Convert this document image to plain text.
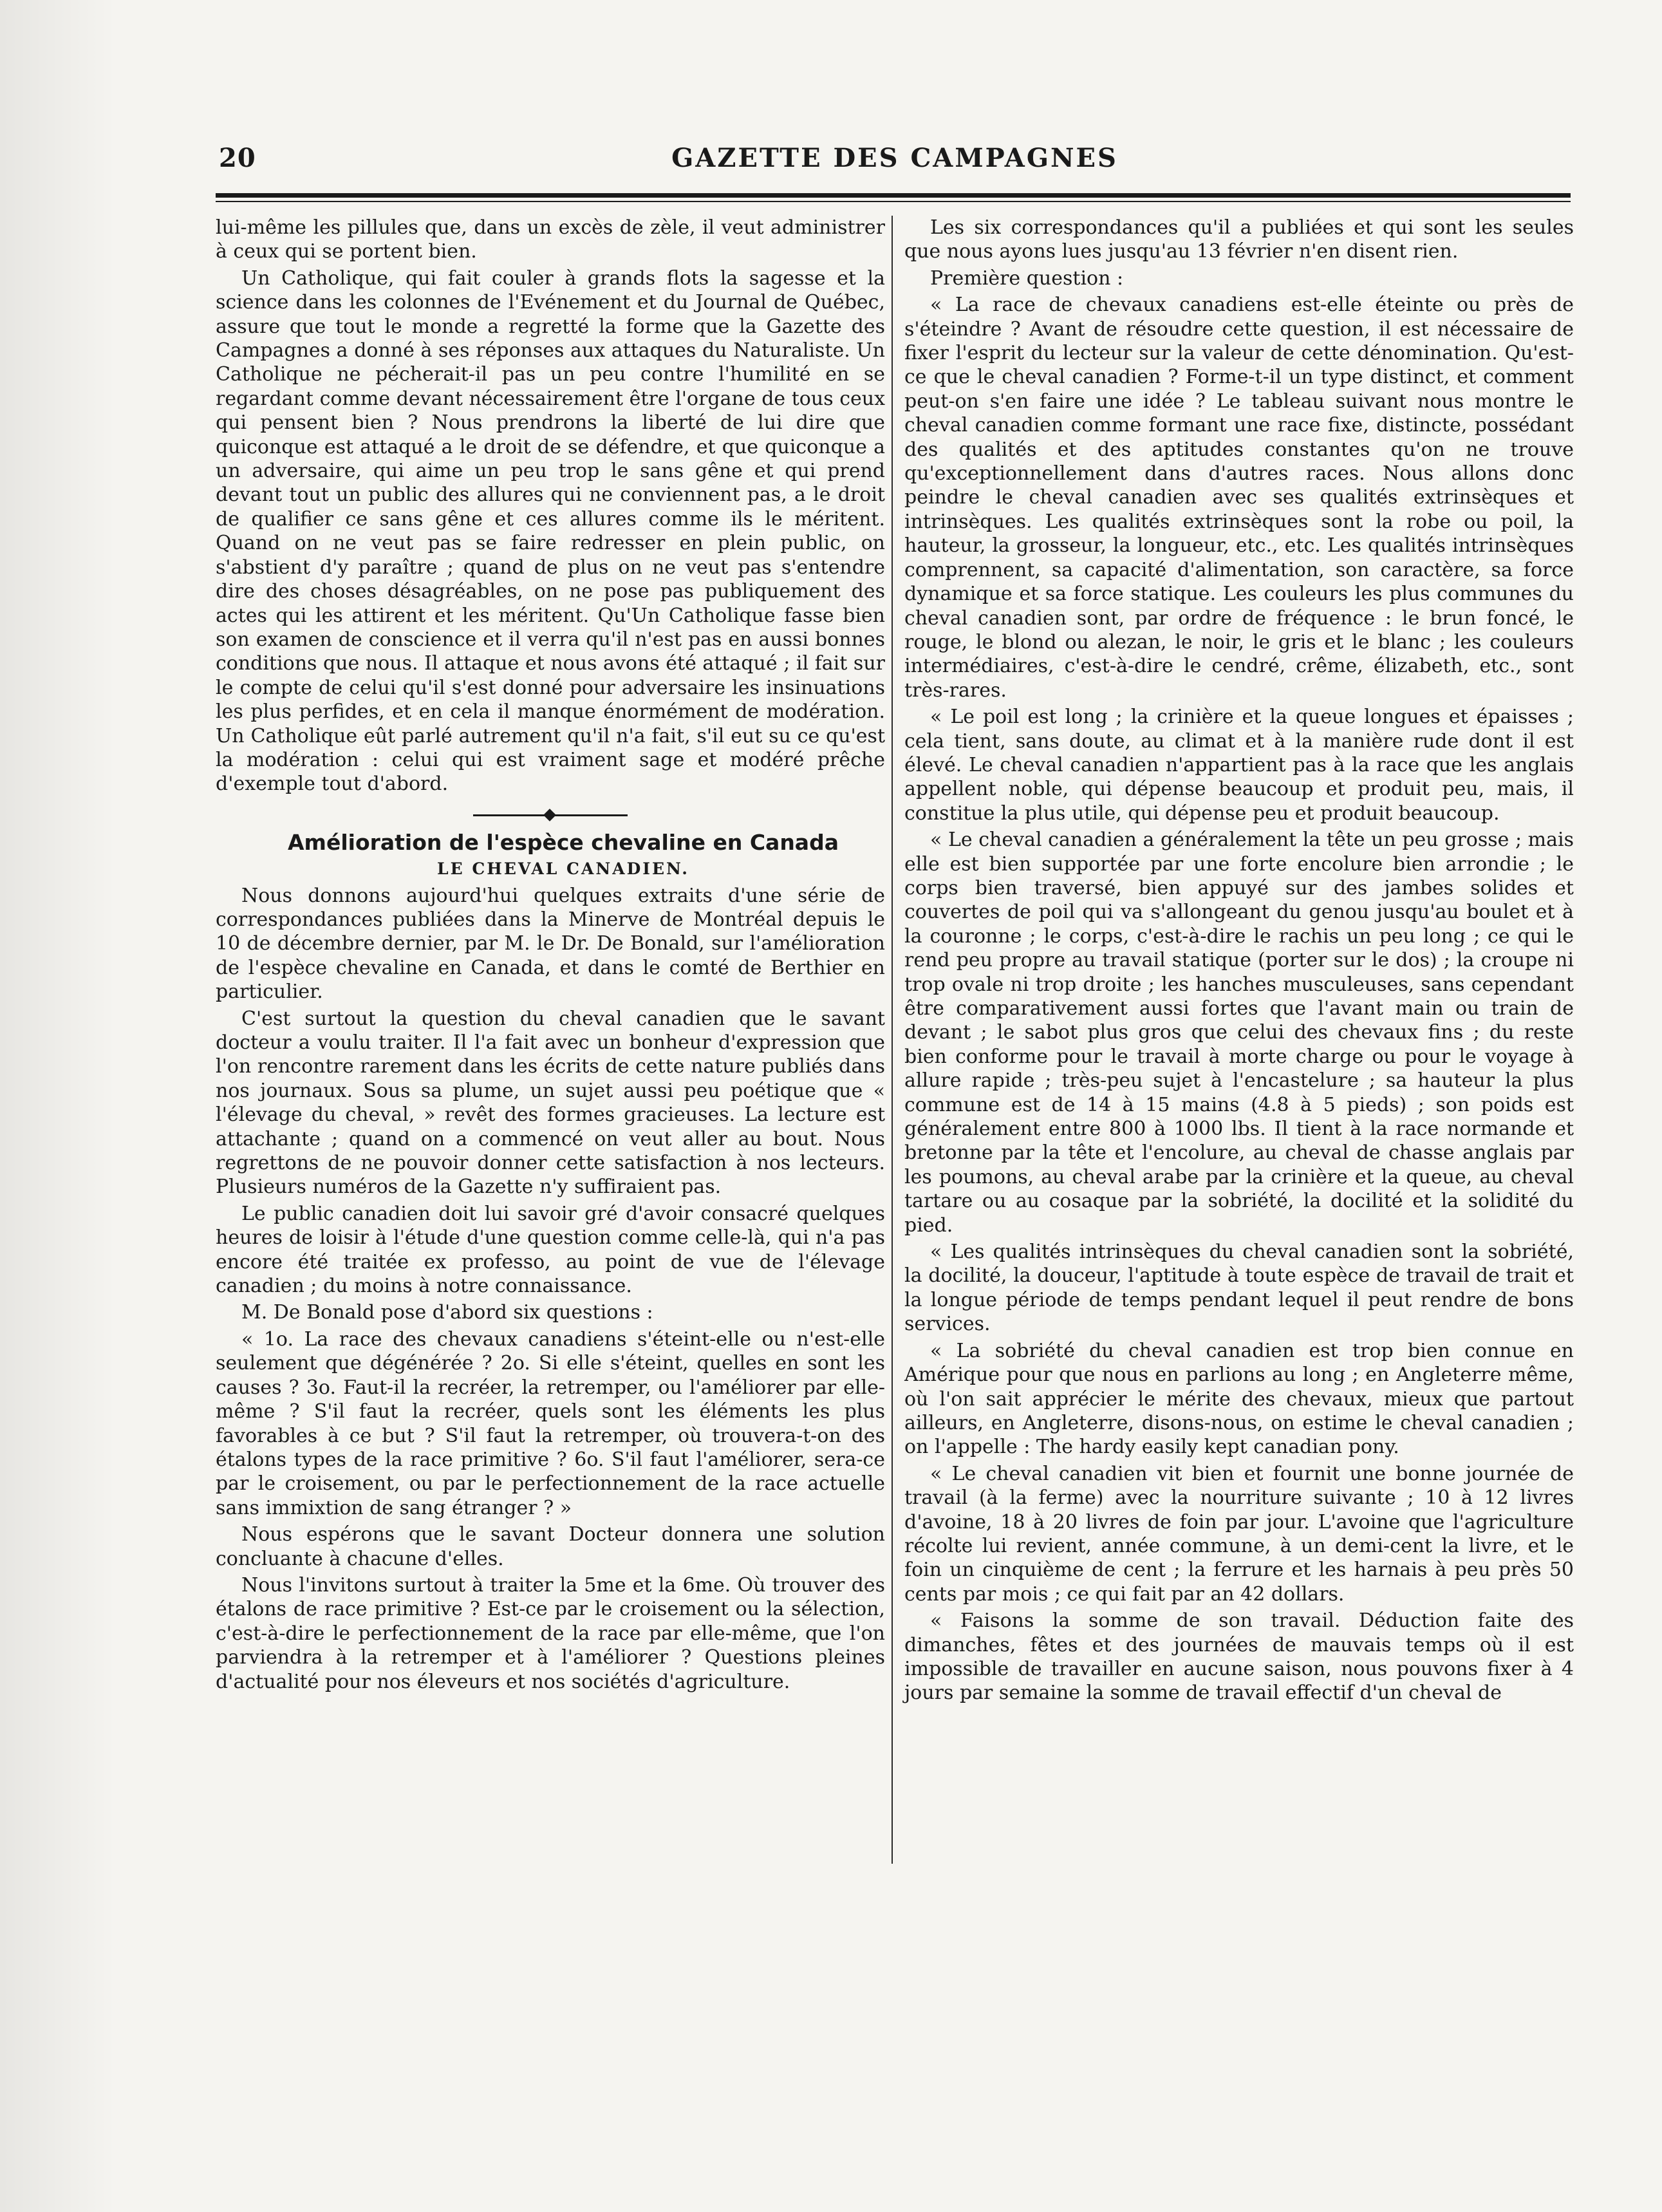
20	GAZETTE DES CAMPAGNES

lui-même les pillules que, dans un excès de zèle, il veut administrer à ceux qui se portent bien.

Un Catholique, qui fait couler à grands flots la sagesse et la science dans les colonnes de l'Evénement et du Journal de Québec, assure que tout le monde a regretté la forme que la Gazette des Campagnes a donné à ses réponses aux attaques du Naturaliste. Un Catholique ne pécherait-il pas un peu contre l'humilité en se regardant comme devant nécessairement être l'organe de tous ceux qui pensent bien ? Nous prendrons la liberté de lui dire que quiconque est attaqué a le droit de se défendre, et que quiconque a un adversaire, qui aime un peu trop le sans gêne et qui prend devant tout un public des allures qui ne conviennent pas, a le droit de qualifier ce sans gêne et ces allures comme ils le méritent. Quand on ne veut pas se faire redresser en plein public, on s'abstient d'y paraître ; quand de plus on ne veut pas s'entendre dire des choses désagréables, on ne pose pas publiquement des actes qui les attirent et les méritent. Qu'Un Catholique fasse bien son examen de conscience et il verra qu'il n'est pas en aussi bonnes conditions que nous. Il attaque et nous avons été attaqué ; il fait sur le compte de celui qu'il s'est donné pour adversaire les insinuations les plus perfides, et en cela il manque énormément de modération. Un Catholique eût parlé autrement qu'il n'a fait, s'il eut su ce qu'est la modération : celui qui est vraiment sage et modéré prêche d'exemple tout d'abord.

Amélioration de l'espèce chevaline en Canada

LE CHEVAL CANADIEN.

Nous donnons aujourd'hui quelques extraits d'une série de correspondances publiées dans la Minerve de Montréal depuis le 10 de décembre dernier, par M. le Dr. De Bonald, sur l'amélioration de l'espèce chevaline en Canada, et dans le comté de Berthier en particulier.

C'est surtout la question du cheval canadien que le savant docteur a voulu traiter. Il l'a fait avec un bonheur d'expression que l'on rencontre rarement dans les écrits de cette nature publiés dans nos journaux. Sous sa plume, un sujet aussi peu poétique que « l'élevage du cheval, » revêt des formes gracieuses. La lecture est attachante ; quand on a commencé on veut aller au bout. Nous regrettons de ne pouvoir donner cette satisfaction à nos lecteurs. Plusieurs numéros de la Gazette n'y suffiraient pas.

Le public canadien doit lui savoir gré d'avoir consacré quelques heures de loisir à l'étude d'une question comme celle-là, qui n'a pas encore été traitée ex professo, au point de vue de l'élevage canadien ; du moins à notre connaissance.

M. De Bonald pose d'abord six questions :

« 1o. La race des chevaux canadiens s'éteint-elle ou n'est-elle seulement que dégénérée ? 2o. Si elle s'éteint, quelles en sont les causes ? 3o. Faut-il la recréer, la retremper, ou l'améliorer par elle-même ? S'il faut la recréer, quels sont les éléments les plus favorables à ce but ? S'il faut la retremper, où trouvera-t-on des étalons types de la race primitive ? 6o. S'il faut l'améliorer, sera-ce par le croisement, ou par le perfectionnement de la race actuelle sans immixtion de sang étranger ? »

Nous espérons que le savant Docteur donnera une solution concluante à chacune d'elles.

Nous l'invitons surtout à traiter la 5me et la 6me. Où trouver des étalons de race primitive ? Est-ce par le croisement ou la sélection, c'est-à-dire le perfectionnement de la race par elle-même, que l'on parviendra à la retremper et à l'améliorer ? Questions pleines d'actualité pour nos éleveurs et nos sociétés d'agriculture.

Les six correspondances qu'il a publiées et qui sont les seules que nous ayons lues jusqu'au 13 février n'en disent rien.

Première question :

« La race de chevaux canadiens est-elle éteinte ou près de s'éteindre ? Avant de résoudre cette question, il est nécessaire de fixer l'esprit du lecteur sur la valeur de cette dénomination. Qu'est-ce que le cheval canadien ? Forme-t-il un type distinct, et comment peut-on s'en faire une idée ? Le tableau suivant nous montre le cheval canadien comme formant une race fixe, distincte, possédant des qualités et des aptitudes constantes qu'on ne trouve qu'exceptionnellement dans d'autres races. Nous allons donc peindre le cheval canadien avec ses qualités extrinsèques et intrinsèques. Les qualités extrinsèques sont la robe ou poil, la hauteur, la grosseur, la longueur, etc., etc. Les qualités intrinsèques comprennent, sa capacité d'alimentation, son caractère, sa force dynamique et sa force statique. Les couleurs les plus communes du cheval canadien sont, par ordre de fréquence : le brun foncé, le rouge, le blond ou alezan, le noir, le gris et le blanc ; les couleurs intermédiaires, c'est-à-dire le cendré, crême, élizabeth, etc., sont très-rares.

« Le poil est long ; la crinière et la queue longues et épaisses ; cela tient, sans doute, au climat et à la manière rude dont il est élevé. Le cheval canadien n'appartient pas à la race que les anglais appellent noble, qui dépense beaucoup et produit peu, mais, il constitue la plus utile, qui dépense peu et produit beaucoup.

« Le cheval canadien a généralement la tête un peu grosse ; mais elle est bien supportée par une forte encolure bien arrondie ; le corps bien traversé, bien appuyé sur des jambes solides et couvertes de poil qui va s'allongeant du genou jusqu'au boulet et à la couronne ; le corps, c'est-à-dire le rachis un peu long ; ce qui le rend peu propre au travail statique (porter sur le dos) ; la croupe ni trop ovale ni trop droite ; les hanches musculeuses, sans cependant être comparativement aussi fortes que l'avant main ou train de devant ; le sabot plus gros que celui des chevaux fins ; du reste bien conforme pour le travail à morte charge ou pour le voyage à allure rapide ; très-peu sujet à l'encastelure ; sa hauteur la plus commune est de 14 à 15 mains (4.8 à 5 pieds) ; son poids est généralement entre 800 à 1000 lbs. Il tient à la race normande et bretonne par la tête et l'encolure, au cheval de chasse anglais par les poumons, au cheval arabe par la crinière et la queue, au cheval tartare ou au cosaque par la sobriété, la docilité et la solidité du pied.

« Les qualités intrinsèques du cheval canadien sont la sobriété, la docilité, la douceur, l'aptitude à toute espèce de travail de trait et la longue période de temps pendant lequel il peut rendre de bons services.

« La sobriété du cheval canadien est trop bien connue en Amérique pour que nous en parlions au long ; en Angleterre même, où l'on sait apprécier le mérite des chevaux, mieux que partout ailleurs, en Angleterre, disons-nous, on estime le cheval canadien ; on l'appelle : The hardy easily kept canadian pony.

« Le cheval canadien vit bien et fournit une bonne journée de travail (à la ferme) avec la nourriture suivante ; 10 à 12 livres d'avoine, 18 à 20 livres de foin par jour. L'avoine que l'agriculture récolte lui revient, année commune, à un demi-cent la livre, et le foin un cinquième de cent ; la ferrure et les harnais à peu près 50 cents par mois ; ce qui fait par an 42 dollars.

« Faisons la somme de son travail. Déduction faite des dimanches, fêtes et des journées de mauvais temps où il est impossible de travailler en aucune saison, nous pouvons fixer à 4 jours par semaine la somme de travail effectif d'un cheval de
